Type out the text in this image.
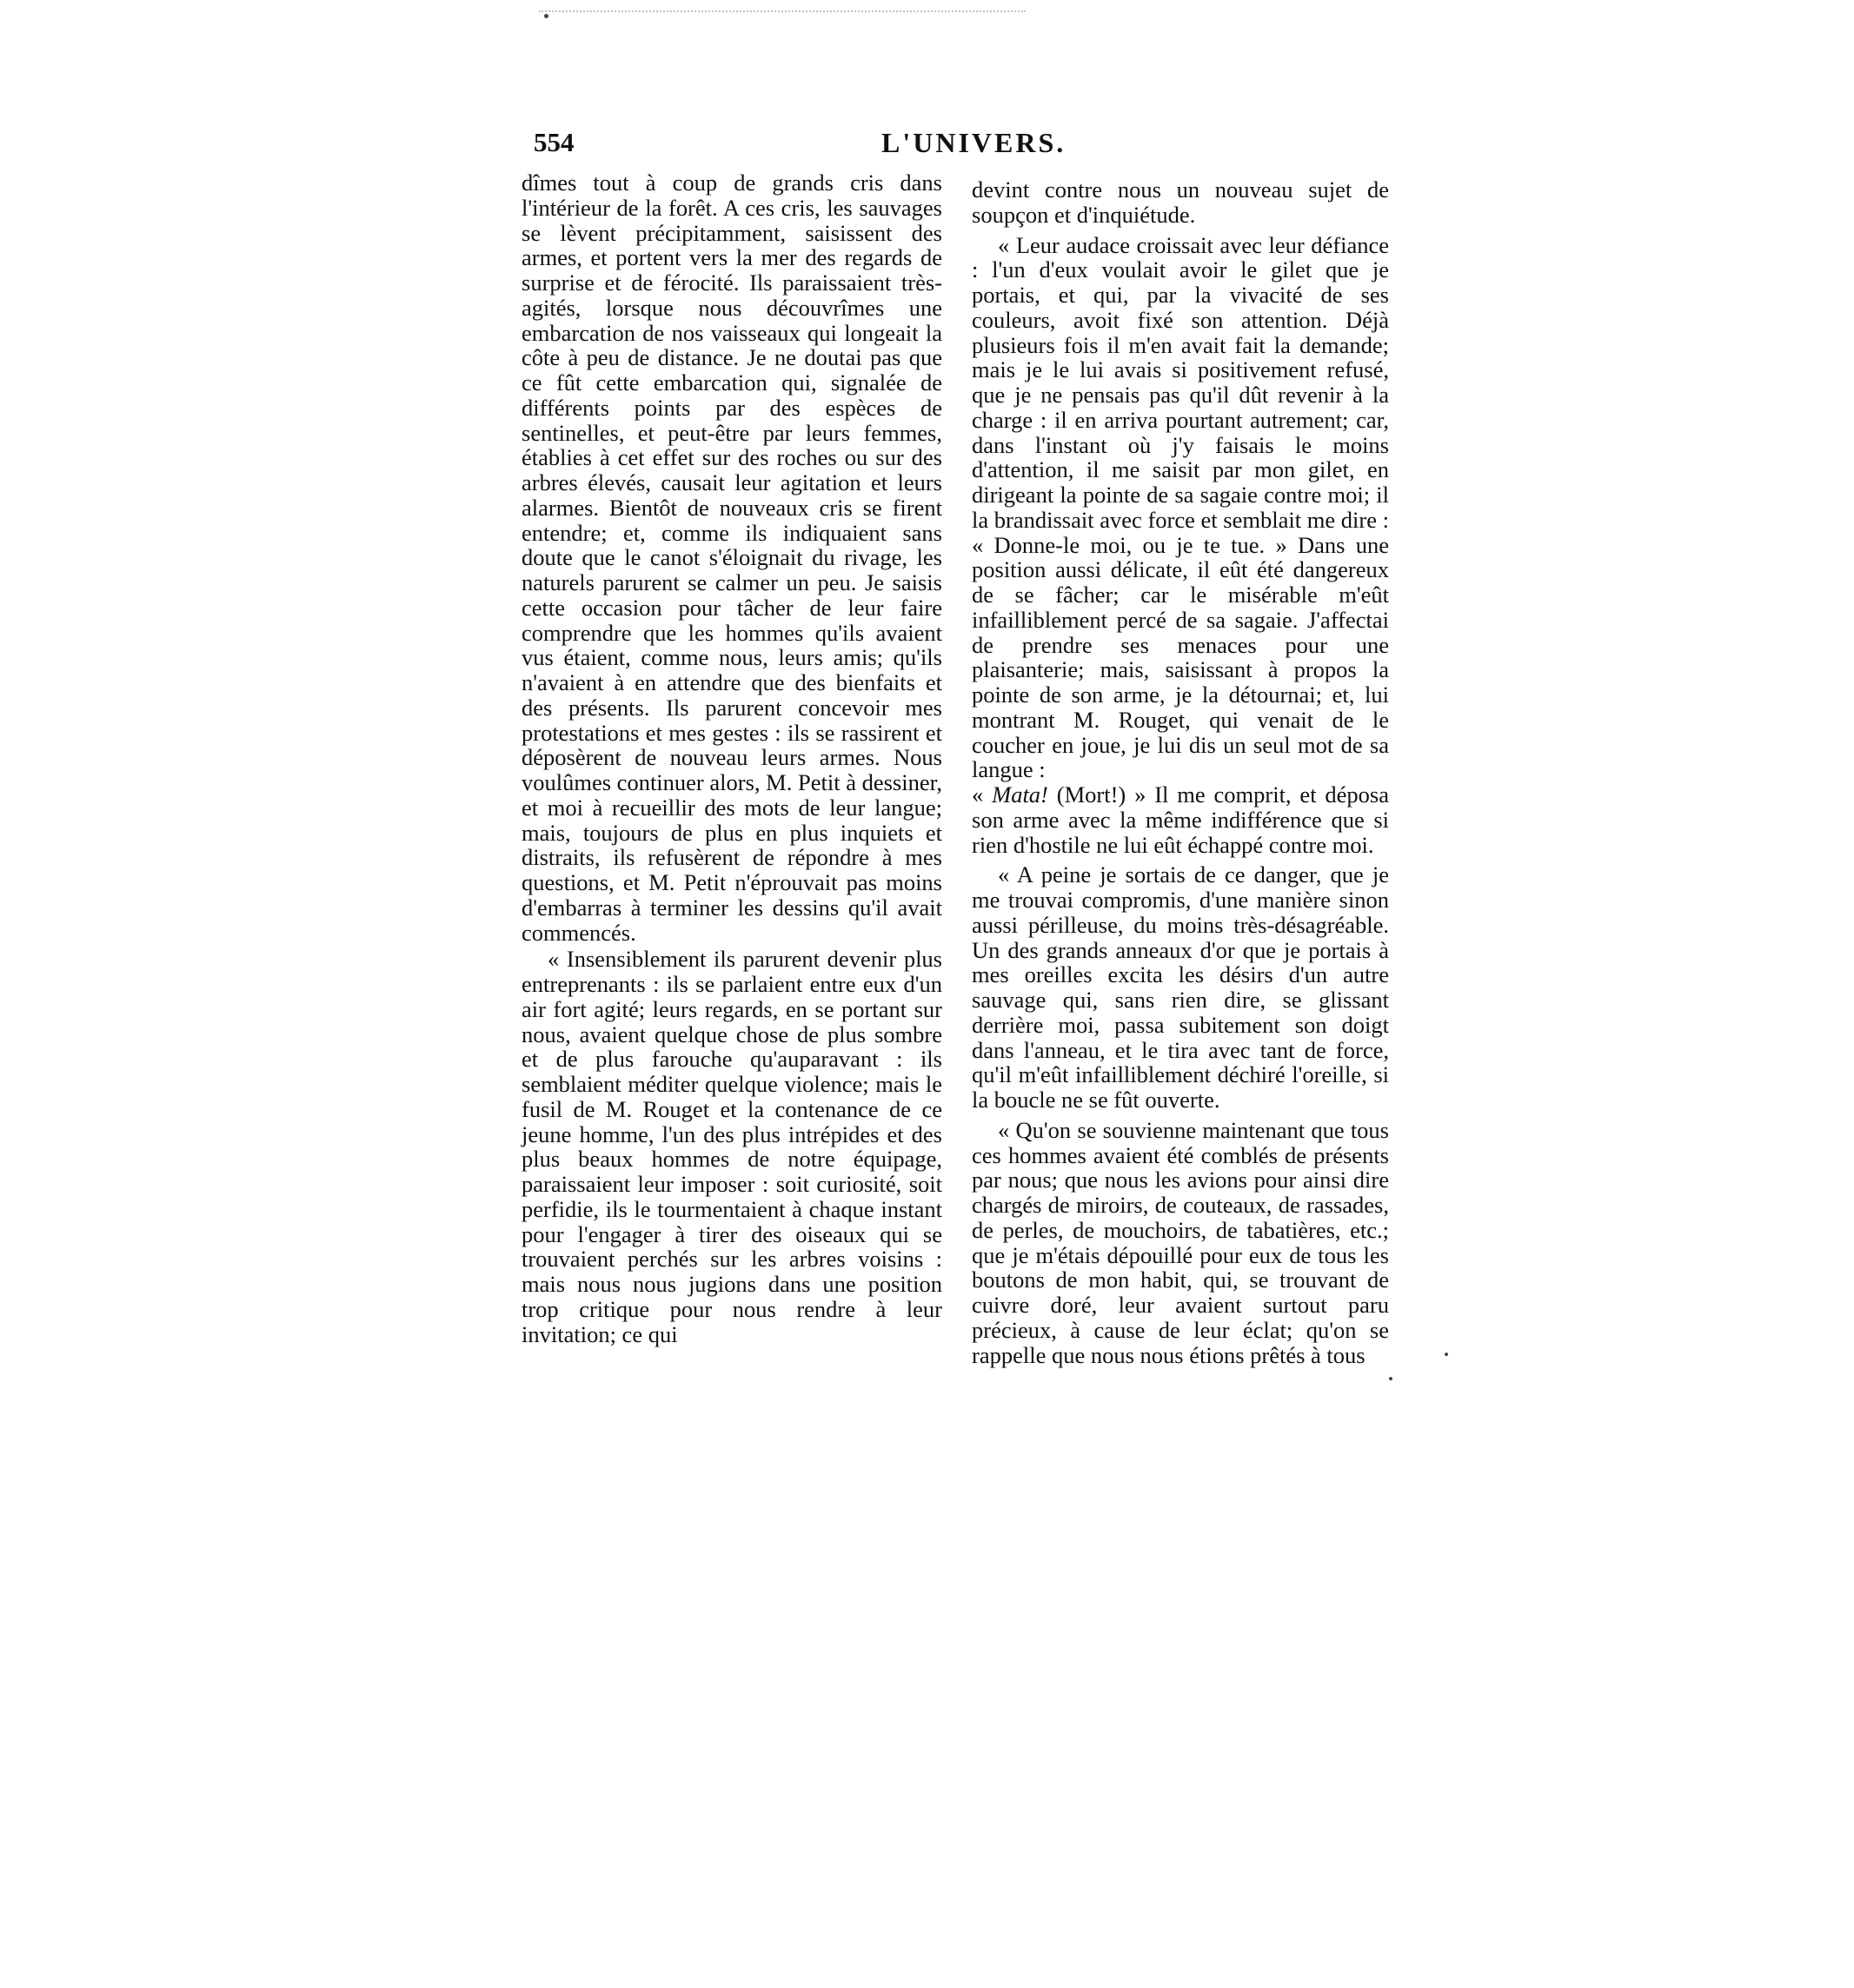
554	L'UNIVERS.

dîmes tout à coup de grands cris dans l'intérieur de la forêt. A ces cris, les sauvages se lèvent précipitamment, saisissent des armes, et portent vers la mer des regards de surprise et de férocité. Ils paraissaient très-agités, lorsque nous découvrîmes une embarcation de nos vaisseaux qui longeait la côte à peu de distance. Je ne doutai pas que ce fût cette embarcation qui, signalée de différents points par des espèces de sentinelles, et peut-être par leurs femmes, établies à cet effet sur des roches ou sur des arbres élevés, causait leur agitation et leurs alarmes. Bientôt de nouveaux cris se firent entendre; et, comme ils indiquaient sans doute que le canot s'éloignait du rivage, les naturels parurent se calmer un peu. Je saisis cette occasion pour tâcher de leur faire comprendre que les hommes qu'ils avaient vus étaient, comme nous, leurs amis; qu'ils n'avaient à en attendre que des bienfaits et des présents. Ils parurent concevoir mes protestations et mes gestes : ils se rassirent et déposèrent de nouveau leurs armes. Nous voulûmes continuer alors, M. Petit à dessiner, et moi à recueillir des mots de leur langue; mais, toujours de plus en plus inquiets et distraits, ils refusèrent de répondre à mes questions, et M. Petit n'éprouvait pas moins d'embarras à terminer les dessins qu'il avait commencés.

« Insensiblement ils parurent devenir plus entreprenants : ils se parlaient entre eux d'un air fort agité; leurs regards, en se portant sur nous, avaient quelque chose de plus sombre et de plus farouche qu'auparavant : ils semblaient méditer quelque violence; mais le fusil de M. Rouget et la contenance de ce jeune homme, l'un des plus intrépides et des plus beaux hommes de notre équipage, paraissaient leur imposer : soit curiosité, soit perfidie, ils le tourmentaient à chaque instant pour l'engager à tirer des oiseaux qui se trouvaient perchés sur les arbres voisins : mais nous nous jugions dans une position trop critique pour nous rendre à leur invitation; ce qui

devint contre nous un nouveau sujet de soupçon et d'inquiétude.

« Leur audace croissait avec leur défiance : l'un d'eux voulait avoir le gilet que je portais, et qui, par la vivacité de ses couleurs, avoit fixé son attention. Déjà plusieurs fois il m'en avait fait la demande; mais je le lui avais si positivement refusé, que je ne pensais pas qu'il dût revenir à la charge : il en arriva pourtant autrement; car, dans l'instant où j'y faisais le moins d'attention, il me saisit par mon gilet, en dirigeant la pointe de sa sagaie contre moi; il la brandissait avec force et semblait me dire : « Donne-le moi, ou je te tue. » Dans une position aussi délicate, il eût été dangereux de se fâcher; car le misérable m'eût infailliblement percé de sa sagaie. J'affectai de prendre ses menaces pour une plaisanterie; mais, saisissant à propos la pointe de son arme, je la détournai; et, lui montrant M. Rouget, qui venait de le coucher en joue, je lui dis un seul mot de sa langue :
« Mata! (Mort!) » Il me comprit, et déposa son arme avec la même indifférence que si rien d'hostile ne lui eût échappé contre moi.

« A peine je sortais de ce danger, que je me trouvai compromis, d'une manière sinon aussi périlleuse, du moins très-désagréable. Un des grands anneaux d'or que je portais à mes oreilles excita les désirs d'un autre sauvage qui, sans rien dire, se glissant derrière moi, passa subitement son doigt dans l'anneau, et le tira avec tant de force, qu'il m'eût infailliblement déchiré l'oreille, si la boucle ne se fût ouverte.

« Qu'on se souvienne maintenant que tous ces hommes avaient été comblés de présents par nous; que nous les avions pour ainsi dire chargés de miroirs, de couteaux, de rassades, de perles, de mouchoirs, de tabatières, etc.; que je m'étais dépouillé pour eux de tous les boutons de mon habit, qui, se trouvant de cuivre doré, leur avaient surtout paru précieux, à cause de leur éclat; qu'on se rappelle que nous nous étions prêtés à tous
